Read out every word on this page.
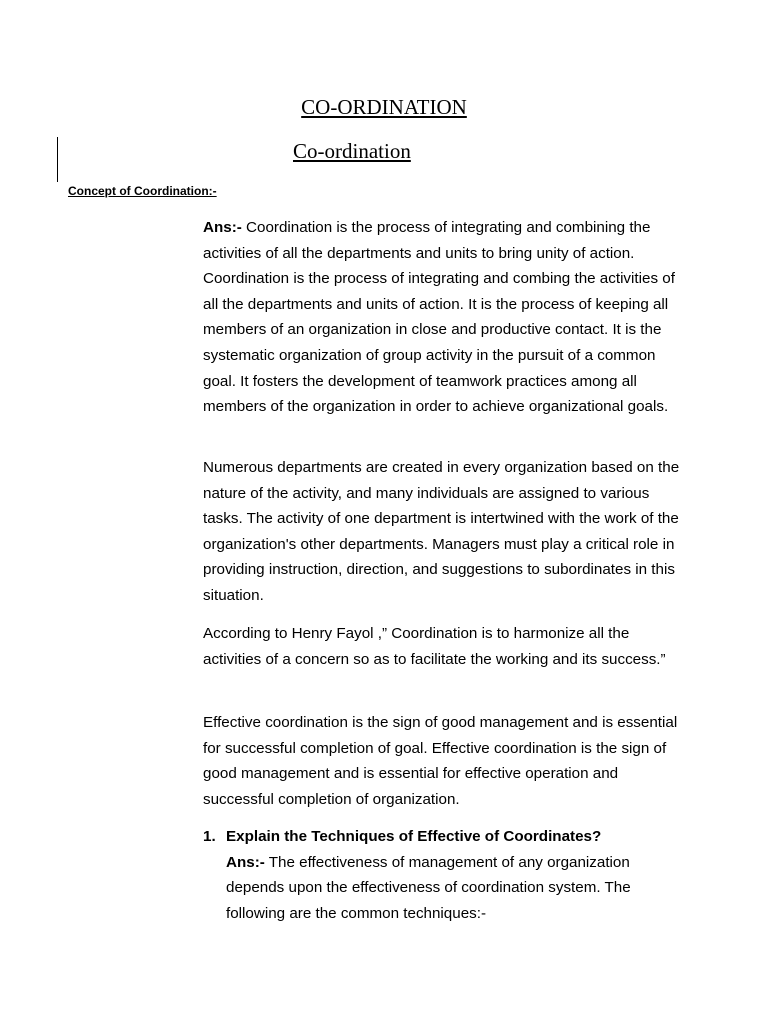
CO-ORDINATION
Co-ordination
Concept of Coordination:-

Ans:- Coordination is the process of integrating and combining the activities of all the departments and units to bring unity of action. Coordination is the process of integrating and combing the activities of all the departments and units of action. It is the process of keeping all members of an organization in close and productive contact. It is the systematic organization of group activity in the pursuit of a common goal. It fosters the development of teamwork practices among all members of the organization in order to achieve organizational goals.

Numerous departments are created in every organization based on the nature of the activity, and many individuals are assigned to various tasks. The activity of one department is intertwined with the work of the organization's other departments. Managers must play a critical role in providing instruction, direction, and suggestions to subordinates in this situation.

According to Henry Fayol ,” Coordination is to harmonize all the activities of a concern so as to facilitate the working and its success.”

Effective coordination is the sign of good management and is essential for successful completion of goal. Effective coordination is the sign of good management and is essential for effective operation and successful completion of organization.

1. Explain the Techniques of Effective of Coordinates?
Ans:- The effectiveness of management of any organization depends upon the effectiveness of coordination system. The following are the common techniques:-
